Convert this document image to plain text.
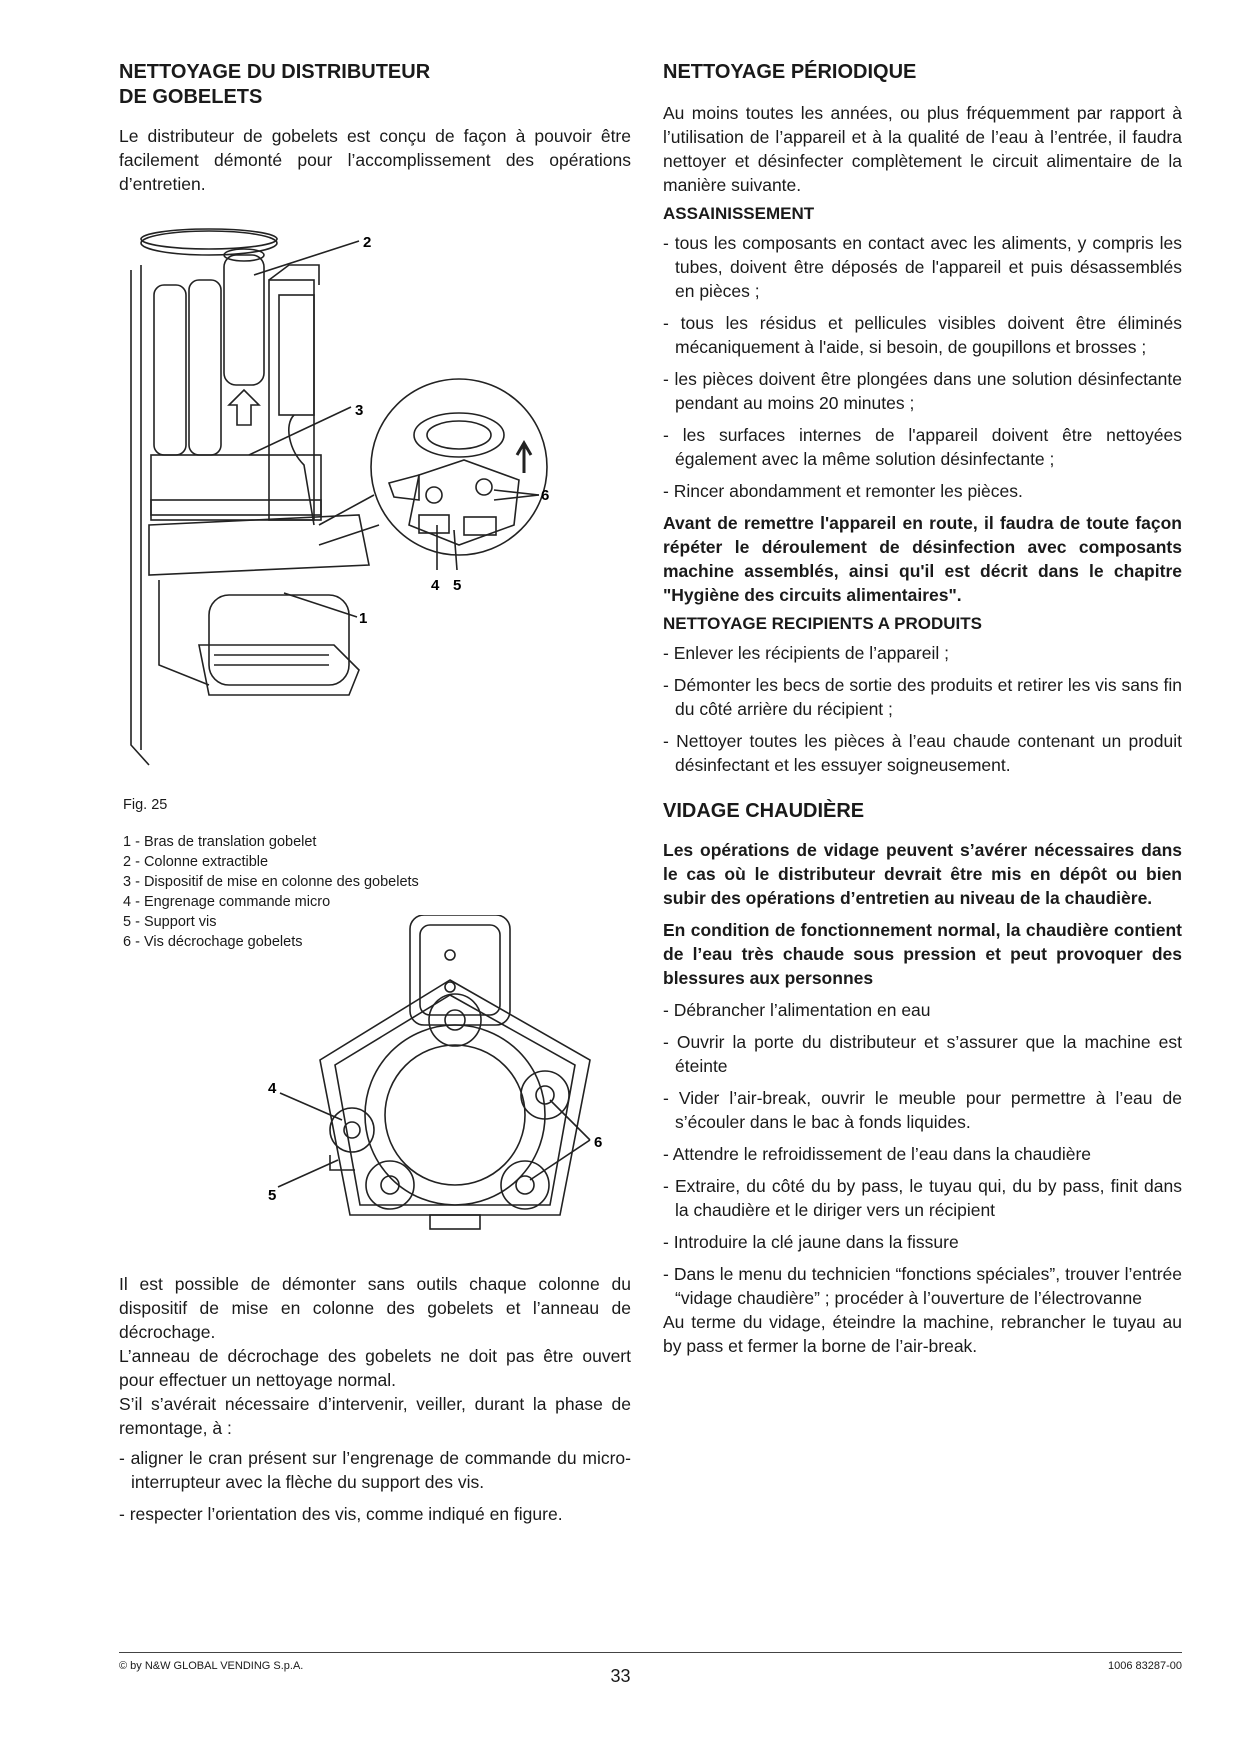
NETTOYAGE DU DISTRIBUTEUR
DE GOBELETS

Le distributeur de gobelets est conçu de façon à pouvoir être facilement démonté pour l’accomplissement des opérations d’entretien.

2
3
1
6
4 5
Fig. 25
1 - Bras de translation gobelet
2 - Colonne extractible
3 - Dispositif de mise en colonne des gobelets
4 - Engrenage commande micro
5 - Support vis
6 - Vis décrochage gobelets
4
5
6

Il est possible de démonter sans outils chaque colonne du dispositif de mise en colonne des gobelets et l’anneau de décrochage.

L’anneau de décrochage des gobelets ne doit pas être ouvert pour effectuer un nettoyage normal.

S’il s’avérait nécessaire d’intervenir, veiller, durant la phase de remontage, à :

- aligner le cran présent sur l’engrenage de commande du micro-interrupteur avec la flèche du support des vis.
- respecter l’orientation des vis, comme indiqué en figure.
NETTOYAGE PÉRIODIQUE

Au moins toutes les années, ou plus fréquemment par rapport à l’utilisation de l’appareil et à la qualité de l’eau à l’entrée, il faudra nettoyer et désinfecter complètement le circuit alimentaire de la manière suivante.

ASSAINISSEMENT
- tous les composants en contact avec les aliments, y compris les tubes, doivent être déposés de l'appareil et puis désassemblés en pièces ;
- tous les résidus et pellicules visibles doivent être éliminés mécaniquement à l'aide, si besoin, de goupillons et brosses ;
- les pièces doivent être plongées dans une solution désinfectante pendant au moins 20 minutes ;
- les surfaces internes de l'appareil doivent être nettoyées également avec la même solution désinfectante ;
- Rincer abondamment et remonter les pièces.

Avant de remettre l'appareil en route, il faudra de toute façon répéter le déroulement de désinfection avec composants machine assemblés, ainsi qu'il est décrit dans le chapitre "Hygiène des circuits alimentaires".

NETTOYAGE RECIPIENTS A PRODUITS
- Enlever les récipients de l’appareil ;
- Démonter les becs de sortie des produits et retirer les vis sans fin du côté arrière du récipient ;
- Nettoyer toutes les pièces à l’eau chaude contenant un produit désinfectant et les essuyer soigneusement.
VIDAGE CHAUDIÈRE

Les opérations de vidage peuvent s’avérer nécessaires dans le cas où le distributeur devrait être mis en dépôt ou bien subir des opérations d’entretien au niveau de la chaudière.

En condition de fonctionnement normal, la chaudière contient de l’eau très chaude sous pression et peut provoquer des blessures aux personnes

- Débrancher l’alimentation en eau
- Ouvrir la porte du distributeur et s’assurer que la machine est éteinte
- Vider l’air-break, ouvrir le meuble pour permettre à l’eau de s’écouler dans le bac à fonds liquides.
- Attendre le refroidissement de l’eau dans la chaudière
- Extraire, du côté du by pass, le tuyau qui, du by pass, finit dans la chaudière et le diriger vers un récipient
- Introduire la clé jaune dans la fissure
- Dans le menu du technicien “fonctions spéciales”, trouver l’entrée “vidage chaudière” ; procéder à l’ouverture de l’électrovanne

Au terme du vidage, éteindre la machine, rebrancher le tuyau au by pass et fermer la borne de l’air-break.

© by N&W GLOBAL VENDING S.p.A.	33	1006 83287-00
